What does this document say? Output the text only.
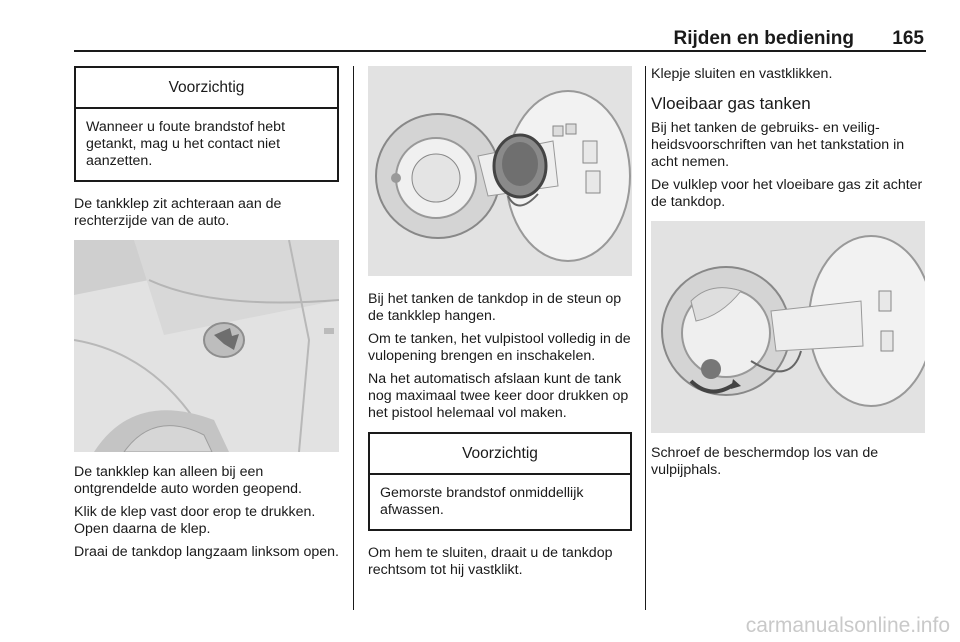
Rijden en bediening 165
Voorzichtig
Wanneer u foute brandstof hebt getankt, mag u het contact niet aanzetten.

De tankklep zit achteraan aan de rechterzijde van de auto.

De tankklep kan alleen bij een ontgrendelde auto worden geopend.

Klik de klep vast door erop te drukken. Open daarna de klep.

Draai de tankdop langzaam linksom open.

Bij het tanken de tankdop in de steun op de tankklep hangen.

Om te tanken, het vulpistool volledig in de vulopening brengen en inschakelen.

Na het automatisch afslaan kunt de tank nog maximaal twee keer door drukken op het pistool helemaal vol maken.

Voorzichtig
Gemorste brandstof onmiddellijk afwassen.

Om hem te sluiten, draait u de tankdop rechtsom tot hij vastklikt.

Klepje sluiten en vastklikken.

Vloeibaar gas tanken

Bij het tanken de gebruiks- en veiligheidsvoorschriften van het tankstation in acht nemen.

De vulklep voor het vloeibare gas zit achter de tankdop.

Schroef de beschermdop los van de vulpijphals.

carmanualsonline.info
